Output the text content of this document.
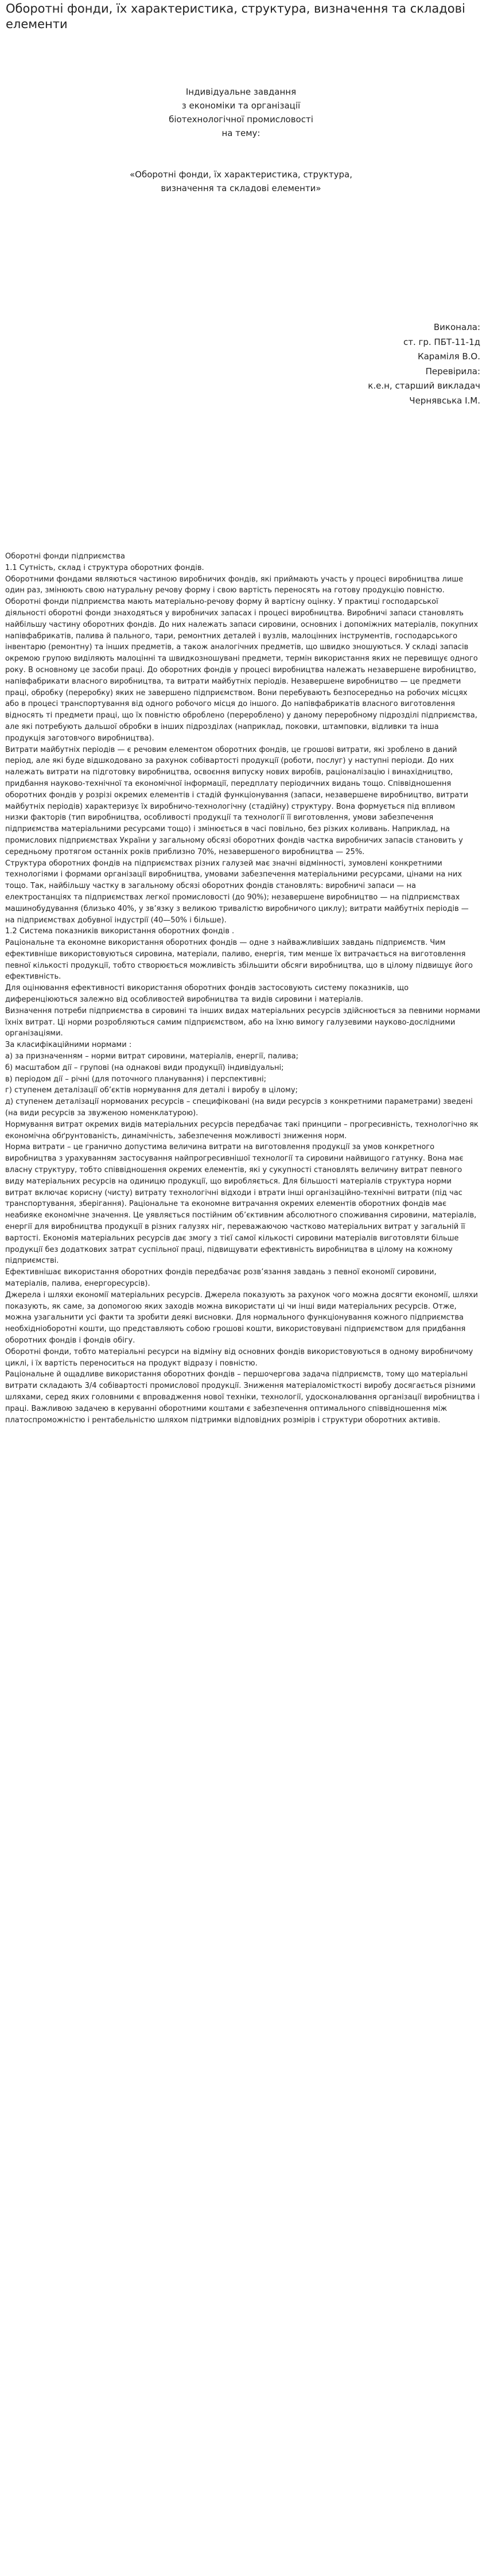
Оборотні фонди, їх характеристика, структура, визначення та складові елементи
Індивідуальне завдання
з економіки та організації
біотехнологічної промисловості
на тему:
«Оборотні фонди, їх характеристика, структура,
визначення та складові елементи»
Виконала:
ст. гр. ПБТ-11-1д
Караміля В.О.
Перевірила:
к.е.н, старший викладач
Чернявська І.М.

Оборотні фонди підприємства

1.1 Сутність, склад і структура оборотних фондів.

Оборотними фондами являються частиною виробничих фондів, які приймають участь у процесі виробництва лише один раз, змінюють свою натуральну речову форму і свою вартість переносять на готову продукцію повністю.

Оборотні фонди підприємства мають матеріально-речову форму й вартісну оцінку. У практиці господарської діяльності оборотні фонди знаходяться у виробничих запасах і процесі виробництва. Виробничі запаси становлять найбільшу частину оборотних фондів. До них належать запаси сировини, основних і допоміжних матеріалів, покупних напівфабрикатів, палива й пального, тари, ремонтних деталей і вузлів, малоцінних інструментів, господарського інвентарю (ремонтну) та інших предметів, а також аналогічних предметів, що швидко зношуються. У складі запасів окремою групою виділяють малоцінні та швидкозношувані предмети, термін використання яких не перевищує одного року. В основному це засоби праці. До оборотних фондів у процесі виробництва належать незавершене виробництво, напівфабрикати власного виробництва, та витрати майбутніх періодів. Незавершене виробництво — це предмети праці, обробку (переробку) яких не завершено підприємством. Вони перебувають безпосередньо на робочих місцях або в процесі транспортування від одного робочого місця до іншого. До напівфабрикатів власного виготовлення відносять ті предмети праці, що їх повністю оброблено (перероблено) у даному переробному підрозділі підприємства, але які потребують дальшої обробки в інших підрозділах (наприклад, поковки, штамповки, відливки та інша продукція заготовчого виробництва).

Витрати майбутніх періодів — є речовим елементом оборотних фондів, це грошові витрати, які зроблено в даний період, але які буде відшкодовано за рахунок собівартості продукції (роботи, послуг) у наступні періоди. До них належать витрати на підготовку виробництва, освоєння випуску нових виробів, раціоналізацію і винахідництво, придбання науково-технічної та економічної інформації, передплату періодичних видань тощо. Співвідношення оборотних фондів у розрізі окремих елементів і стадій функціонування (запаси, незавершене виробництво, витрати майбутніх періодів) характеризує їх виробничо-технологічну (стадійну) структуру. Вона формується під впливом низки факторів (тип виробництва, особливості продукції та технології її виготовлення, умови забезпечення підприємства матеріальними ресурсами тощо) і змінюється в часі повільно, без різких коливань. Наприклад, на промислових підприємствах України у загальному обсязі оборотних фондів частка виробничих запасів становить у середньому протягом останніх років приблизно 70%, незавершеного виробництва — 25%.

Структура оборотних фондів на підприємствах різних галузей має значні відмінності, зумовлені конкретними технологіями і формами організації виробництва, умовами забезпечення матеріальними ресурсами, цінами на них тощо. Так, найбільшу частку в загальному обсязі оборотних фондів становлять: виробничі запаси — на електростанціях та підприємствах легкої промисловості (до 90%); незавершене виробництво — на підприємствах машинобудування (близько 40%, у зв’язку з великою тривалістю виробничого циклу); витрати майбутніх періодів — на підприємствах добувної індустрії (40—50% і більше).

1.2 Система показників використання оборотних фондів .

Раціональне та економне використання оборотних фондів — одне з найважливіших завдань підприємств. Чим ефективніше використовуються сировина, матеріали, паливо, енергія, тим менше їх витрачається на виготовлення певної кількості продукції, тобто створюється можливість збільшити обсяги виробництва, що в цілому підвищує його ефективність.

Для оцінювання ефективності використання оборотних фондів застосовують систему показників, що диференціюються залежно від особливостей виробництва та видів сировини і матеріалів.

Визначення потреби підприємства в сировині та інших видах матеріальних ресурсів здійснюється за певними нормами їхніх витрат. Ці норми розробляються самим підприємством, або на їхню вимогу галузевими науково-дослідними організаціями.

За класифікаційними нормами :

а) за призначенням – норми витрат сировини, матеріалів, енергії, палива;

б) масштабом дії – групові (на однакові види продукції) індивідуальні;

в) періодом дії – річні (для поточного планування) і перспективні;

г) ступенем деталізації об’єктів нормування для деталі і виробу в цілому;

д) ступенем деталізації нормованих ресурсів – специфіковані (на види ресурсів з конкретними параметрами) зведені (на види ресурсів за звуженою номенклатурою).

Нормування витрат окремих видів матеріальних ресурсів передбачає такі принципи – прогресивність, технологічно як економічна обґрунтованість, динамічність, забезпечення можливості зниження норм.

Норма витрати – це гранично допустима величина витрати на виготовлення продукції за умов конкретного виробництва з урахуванням застосування найпрогресивнішої технології та сировини найвищого гатунку. Вона має власну структуру, тобто співвідношення окремих елементів, які у сукупності становлять величину витрат певного виду матеріальних ресурсів на одиницю продукції, що виробляється. Для більшості матеріалів структура норми витрат включає корисну (чисту) витрату технологічні відходи і втрати інші організаційно-технічні витрати (під час транспортування, зберігання). Раціональне та економне витрачання окремих елементів оборотних фондів має неабияке економічне значення. Це уявляється постійним об’єктивним абсолютного споживання сировини, матеріалів, енергії для виробництва продукції в різних галузях ніг, переважаючою частково матеріальних витрат у загальній її вартості. Економія матеріальних ресурсів дає змогу з тієї самої кількості сировини матеріалів виготовляти більше продукції без додаткових затрат суспільної праці, підвищувати ефективність виробництва в цілому на кожному підприємстві.

Ефективнішає використання оборотних фондів передбачає розв’язання завдань з певної економії сировини, матеріалів, палива, енергоресурсів).

Джерела і шляхи економії матеріальних ресурсів. Джерела показують за рахунок чого можна досягти економії, шляхи показують, як саме, за допомогою яких заходів можна використати ці чи інші види матеріальних ресурсів. Отже, можна узагальнити усі факти та зробити деякі висновки. Для нормального функціонування кожного підприємства необхідніоборотні кошти, що представляють собою грошові кошти, використовувані підприємством для придбання оборотних фондів і фондів обігу.

Оборотні фонди, тобто матеріальні ресурси на відміну від основних фондів використовуються в одному виробничому циклі, і їх вартість переноситься на продукт відразу і повністю.

Раціональне й ощадливе використання оборотних фондів – першочергова задача підприємств, тому що матеріальні витрати складають 3/4 собівартості промислової продукції. Зниження матеріаломісткості виробу досягається різними шляхами, серед яких головними є впровадження нової техніки, технології, удосконалювання організації виробництва і праці. Важливою задачею в керуванні оборотними коштами є забезпечення оптимального співвідношення між платоспроможністю і рентабельністю шляхом підтримки відповідних розмірів і структури оборотних активів.
